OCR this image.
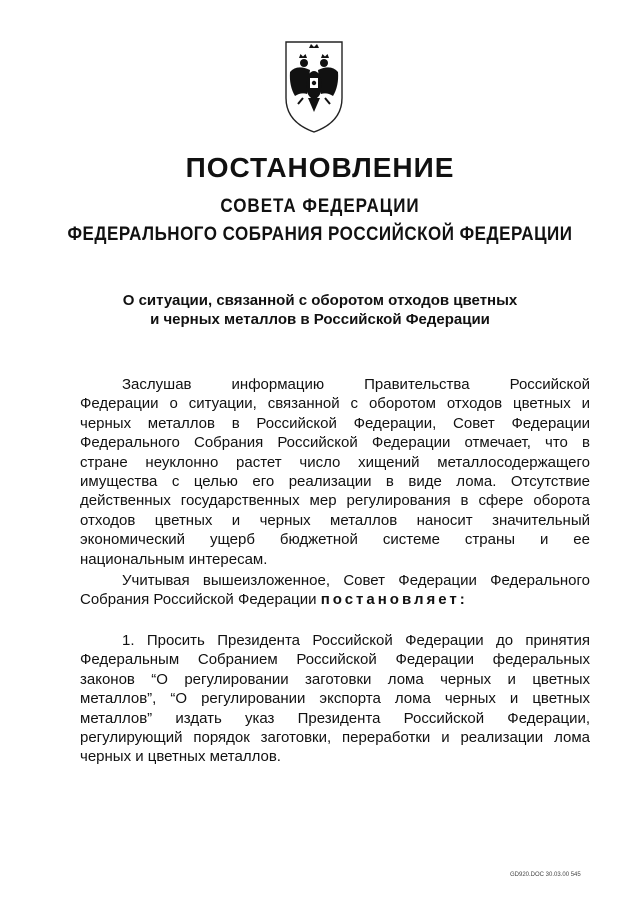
ПОСТАНОВЛЕНИЕ
СОВЕТА ФЕДЕРАЦИИ
ФЕДЕРАЛЬНОГО СОБРАНИЯ РОССИЙСКОЙ ФЕДЕРАЦИИ
О ситуации, связанной с оборотом отходов цветных
и черных металлов в Российской Федерации
Заслушав информацию Правительства Российской
Федерации о ситуации, связанной с оборотом отходов цветных и
черных металлов в Российской Федерации, Совет Федерации
Федерального Собрания Российской Федерации отмечает, что в
стране неуклонно растет число хищений металлосодержащего
имущества с целью его реализации в виде лома. Отсутствие
действенных государственных мер регулирования в сфере оборота
отходов цветных и черных металлов наносит значительный
экономический ущерб бюджетной системе страны и ее
национальным интересам.
Учитывая вышеизложенное, Совет Федерации Федерального
Собрания Российской Федерации постановляет:
1. Просить Президента Российской Федерации до принятия
Федеральным Собранием Российской Федерации федеральных
законов “О регулировании заготовки лома черных и цветных
металлов”, “О регулировании экспорта лома черных и цветных
металлов” издать указ Президента Российской Федерации,
регулирующий порядок заготовки, переработки и реализации лома
черных и цветных металлов.
GD920.DOC 30.03.00 545
